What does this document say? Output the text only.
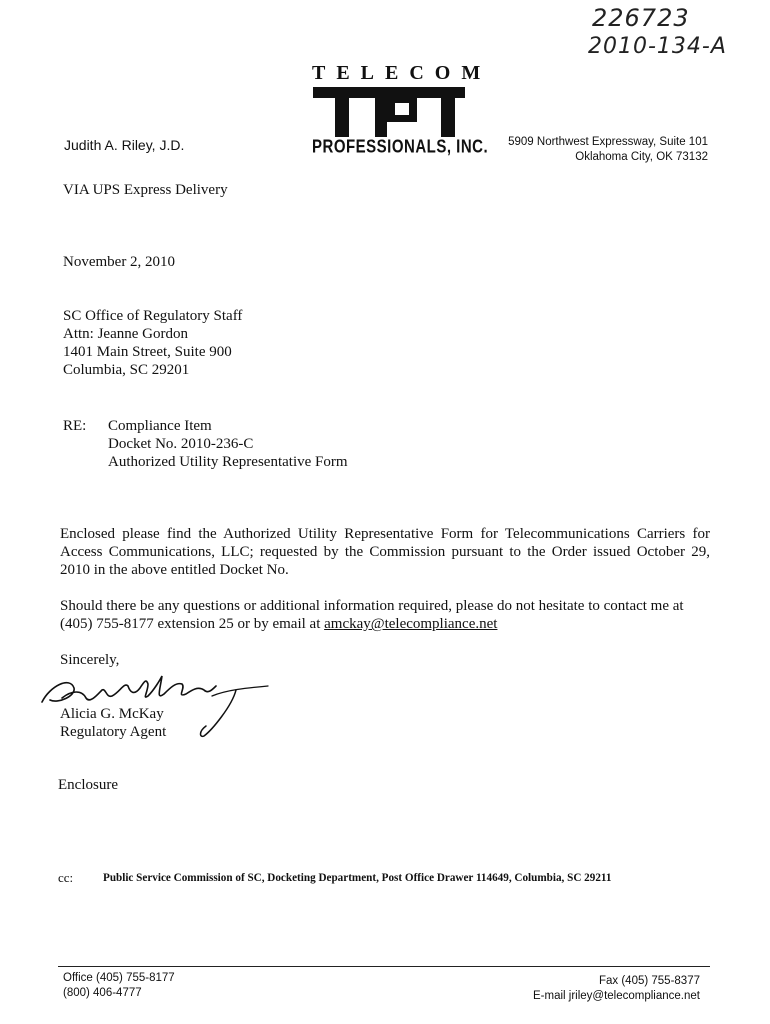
226723
2010-134-A
TELECOM
PROFESSIONALS, INC.
Judith A. Riley, J.D.	5909 Northwest Expressway, Suite 101
Oklahoma City, OK 73132
VIA UPS Express Delivery
November 2, 2010
SC Office of Regulatory Staff
Attn: Jeanne Gordon
1401 Main Street, Suite 900
Columbia, SC 29201
RE: Compliance Item
Docket No. 2010-236-C
Authorized Utility Representative Form
Enclosed please find the Authorized Utility Representative Form for Telecommunications Carriers for Access Communications, LLC; requested by the Commission pursuant to the Order issued October 29, 2010 in the above entitled Docket No.
Should there be any questions or additional information required, please do not hesitate to contact me at (405) 755-8177 extension 25 or by email at amckay@telecompliance.net
Sincerely,
Alicia G. McKay
Regulatory Agent
Enclosure
cc: Public Service Commission of SC, Docketing Department, Post Office Drawer 114649, Columbia, SC 29211
Office (405) 755-8177
(800) 406-4777
Fax (405) 755-8377
E-mail jriley@telecompliance.net
